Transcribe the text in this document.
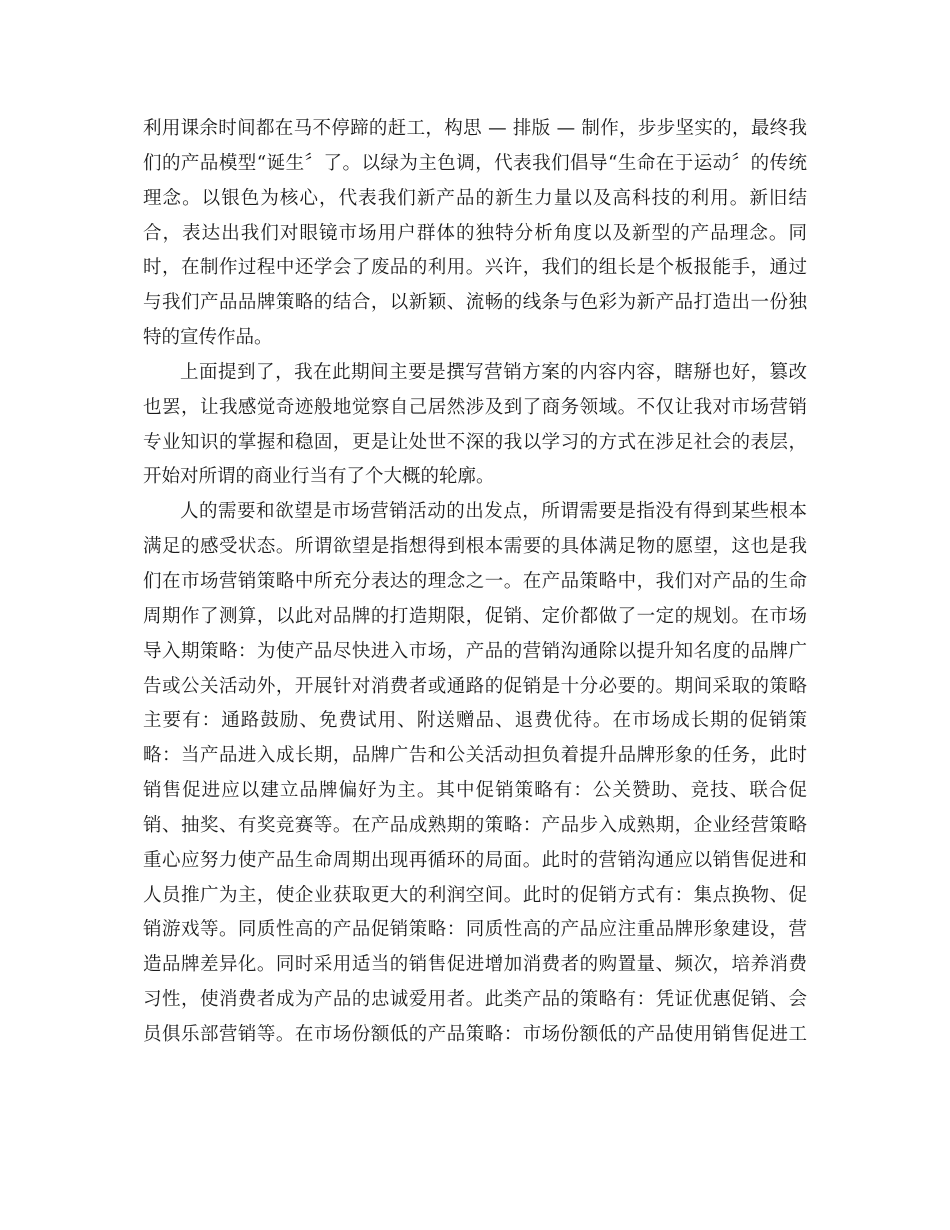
利用课余时间都在马不停蹄的赶工，构思 — 排版 — 制作，步步坚实的，最终我
们的产品模型“诞生〞了。以绿为主色调，代表我们倡导“生命在于运动〞的传统
理念。以银色为核心，代表我们新产品的新生力量以及高科技的利用。新旧结
合，表达出我们对眼镜市场用户群体的独特分析角度以及新型的产品理念。同
时，在制作过程中还学会了废品的利用。兴许，我们的组长是个板报能手，通过
与我们产品品牌策略的结合，以新颖、流畅的线条与色彩为新产品打造出一份独
特的宣传作品。
上面提到了，我在此期间主要是撰写营销方案的内容内容，瞎掰也好，篡改
也罢，让我感觉奇迹般地觉察自己居然涉及到了商务领域。不仅让我对市场营销
专业知识的掌握和稳固，更是让处世不深的我以学习的方式在涉足社会的表层，
开始对所谓的商业行当有了个大概的轮廓。
人的需要和欲望是市场营销活动的出发点，所谓需要是指没有得到某些根本
满足的感受状态。所谓欲望是指想得到根本需要的具体满足物的愿望，这也是我
们在市场营销策略中所充分表达的理念之一。在产品策略中，我们对产品的生命
周期作了测算，以此对品牌的打造期限，促销、定价都做了一定的规划。在市场
导入期策略：为使产品尽快进入市场，产品的营销沟通除以提升知名度的品牌广
告或公关活动外，开展针对消费者或通路的促销是十分必要的。期间采取的策略
主要有：通路鼓励、免费试用、附送赠品、退费优待。在市场成长期的促销策
略：当产品进入成长期，品牌广告和公关活动担负着提升品牌形象的任务，此时
销售促进应以建立品牌偏好为主。其中促销策略有：公关赞助、竞技、联合促
销、抽奖、有奖竞赛等。在产品成熟期的策略：产品步入成熟期，企业经营策略
重心应努力使产品生命周期出现再循环的局面。此时的营销沟通应以销售促进和
人员推广为主，使企业获取更大的利润空间。此时的促销方式有：集点换物、促
销游戏等。同质性高的产品促销策略：同质性高的产品应注重品牌形象建设，营
造品牌差异化。同时采用适当的销售促进增加消费者的购置量、频次，培养消费
习性，使消费者成为产品的忠诚爱用者。此类产品的策略有：凭证优惠促销、会
员俱乐部营销等。在市场份额低的产品策略：市场份额低的产品使用销售促进工
